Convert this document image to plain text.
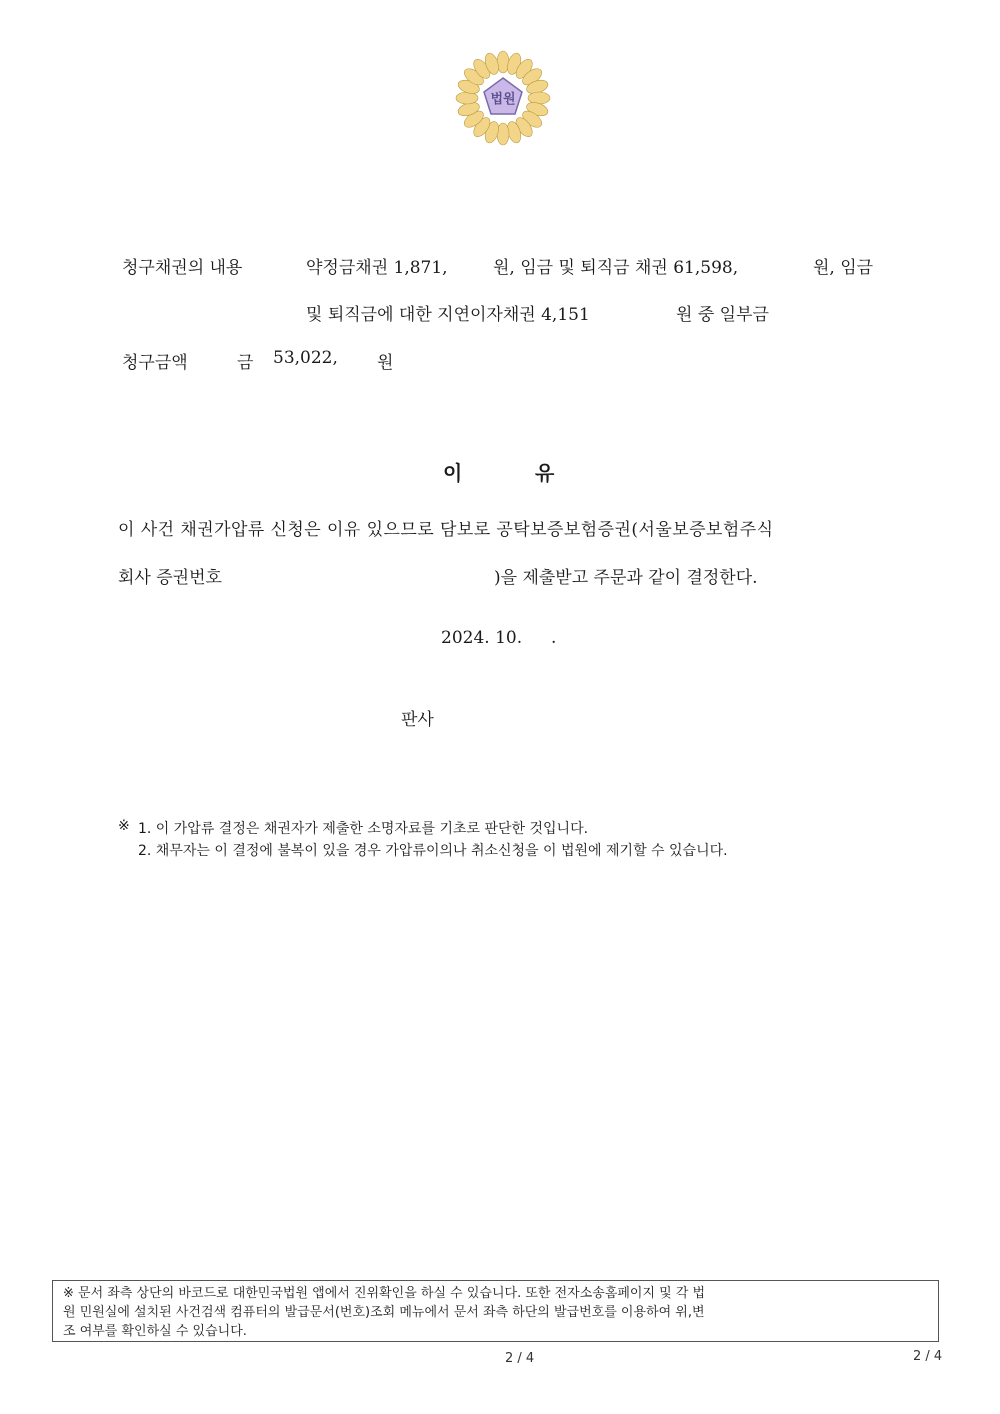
법원
청구채권의 내용	약정금채권 1,871,	원, 임금 및 퇴직금 채권 61,598,	원, 임금
및 퇴직금에 대한 지연이자채권 4,151	원 중 일부금
청구금액	금 53,022, 원
이	유
이 사건 채권가압류 신청은 이유 있으므로 담보로 공탁보증보험증권(서울보증보험주식
회사 증권번호	)을 제출받고 주문과 같이 결정한다.
2024. 10. .
판사
※ 1. 이 가압류 결정은 채권자가 제출한 소명자료를 기초로 판단한 것입니다.
2. 채무자는 이 결정에 불복이 있을 경우 가압류이의나 취소신청을 이 법원에 제기할 수 있습니다.
※ 문서 좌측 상단의 바코드로 대한민국법원 앱에서 진위확인을 하실 수 있습니다. 또한 전자소송홈페이지 및 각 법
원 민원실에 설치된 사건검색 컴퓨터의 발급문서(번호)조회 메뉴에서 문서 좌측 하단의 발급번호를 이용하여 위,변
조 여부를 확인하실 수 있습니다.
2 / 4	2 / 4
